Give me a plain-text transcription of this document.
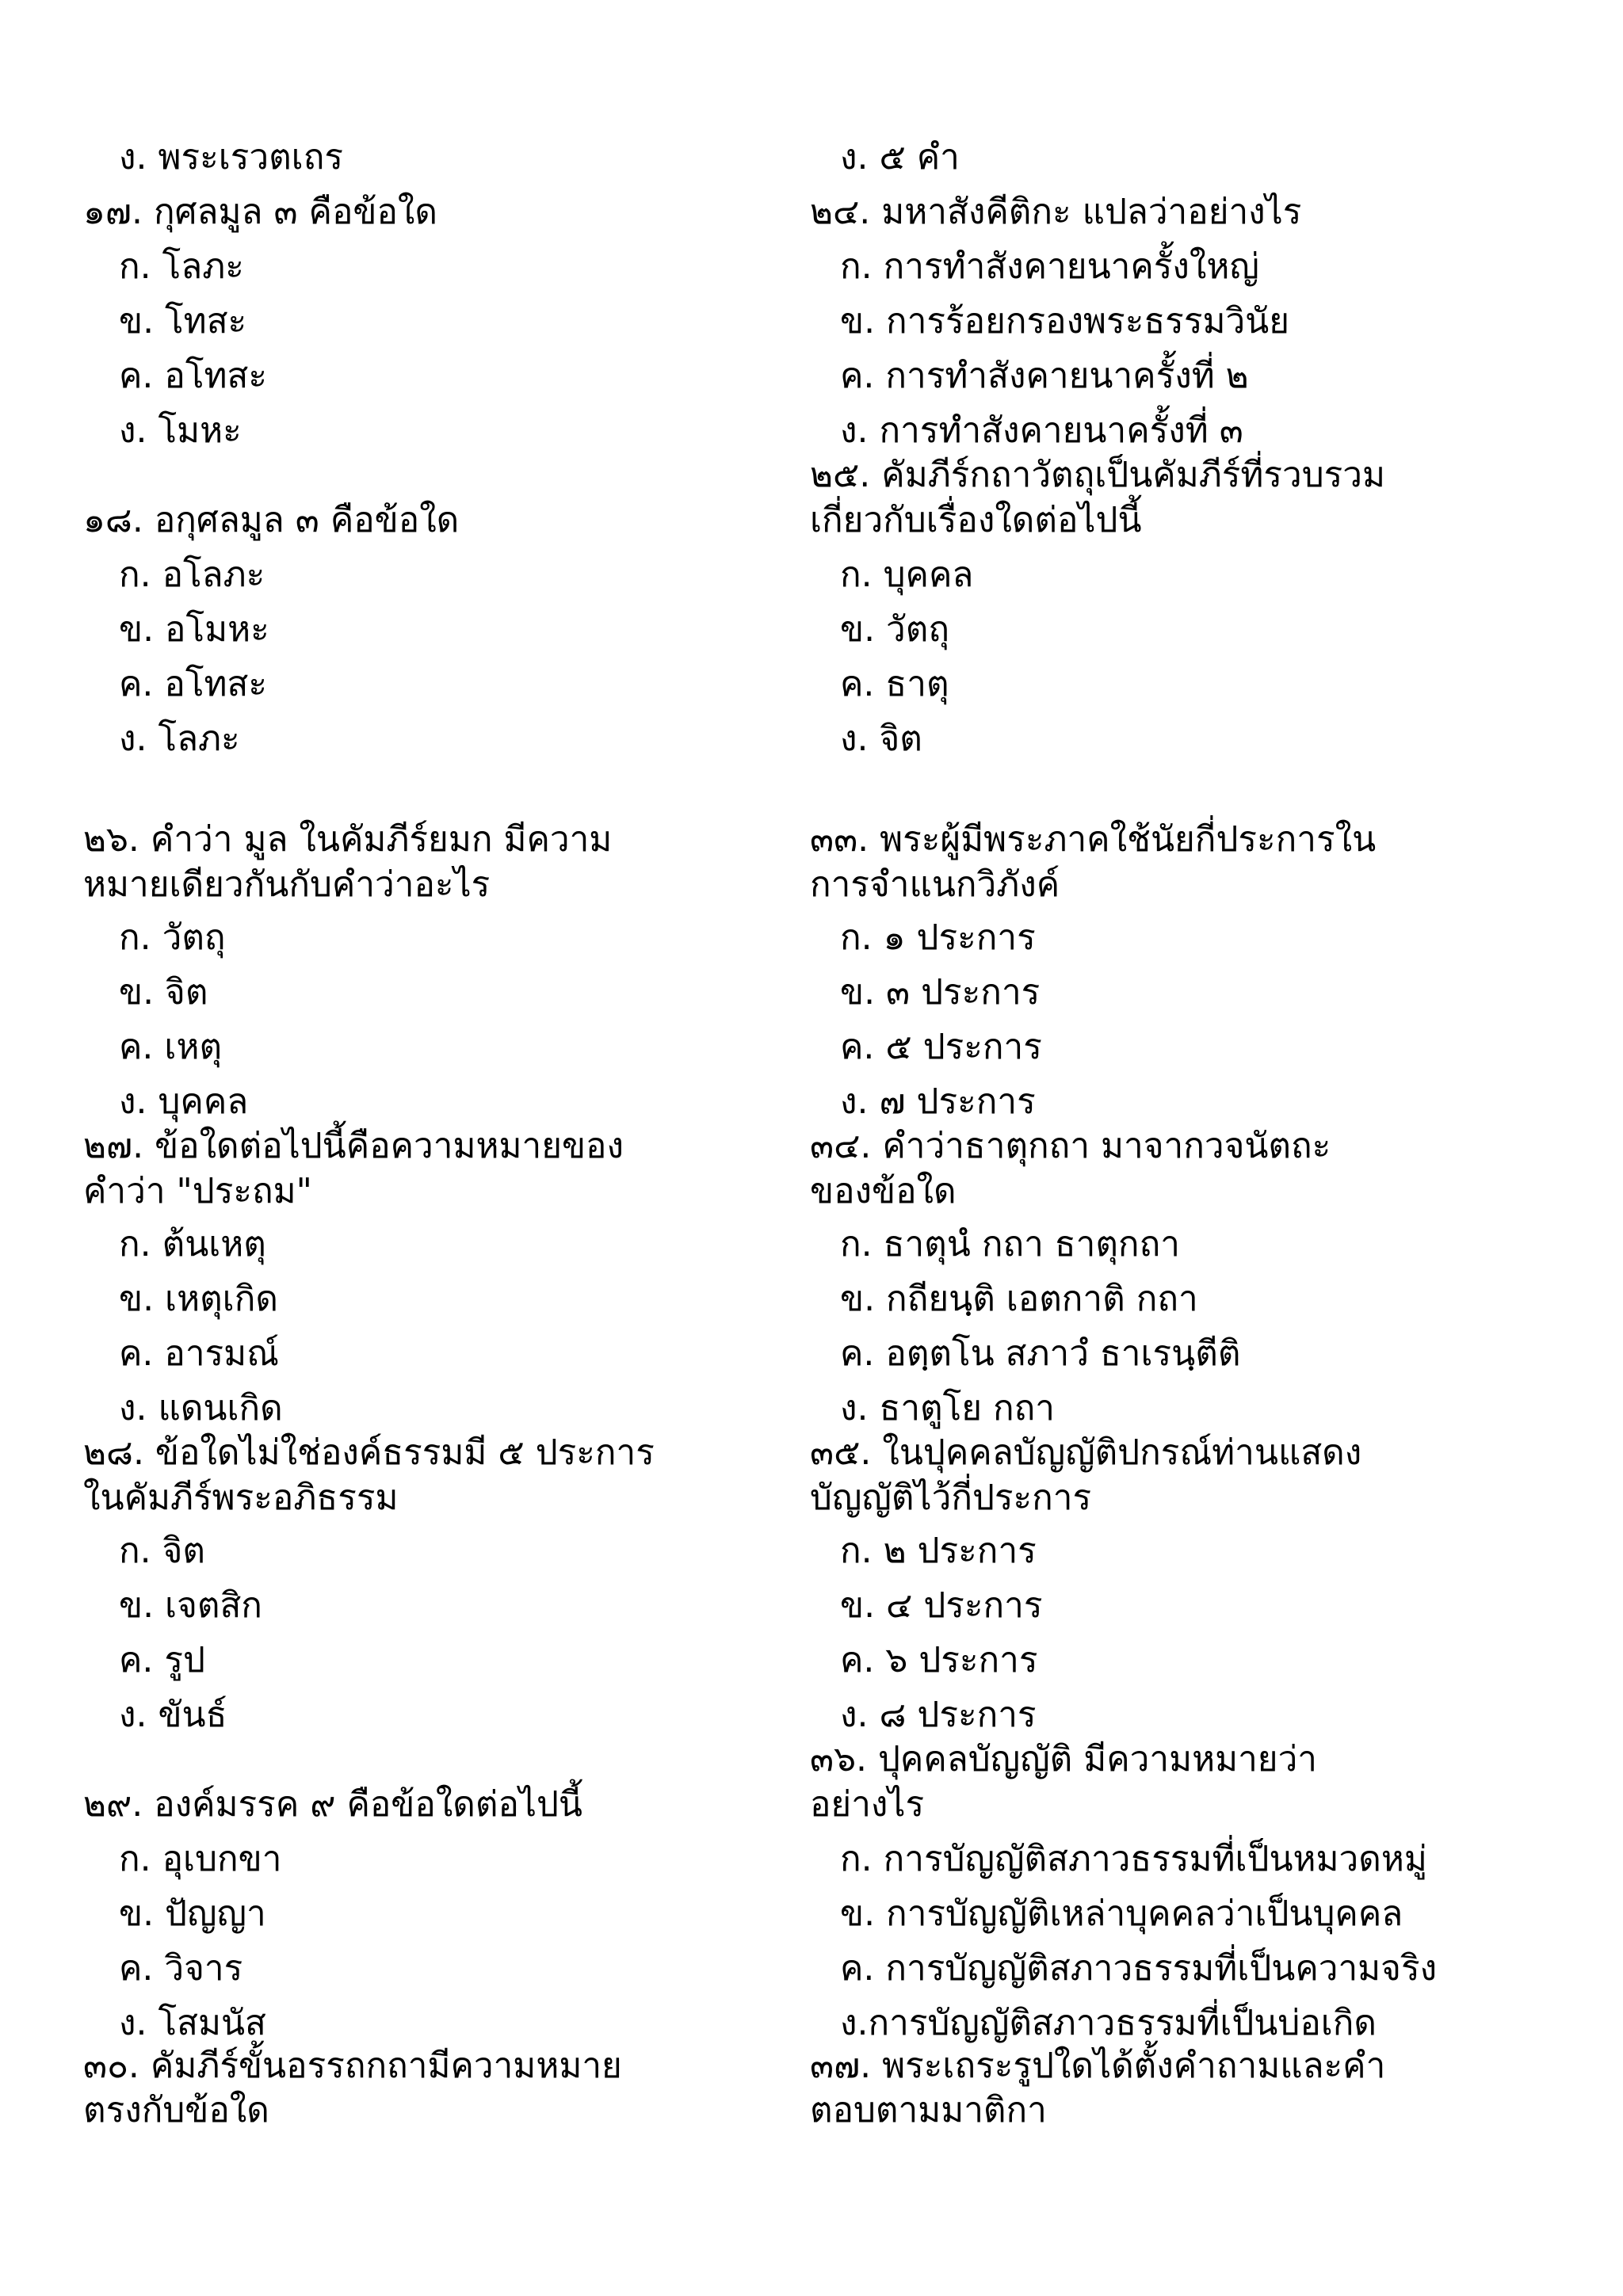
ง. พระเรวตเถร
๑๗. กุศลมูล ๓ คือข้อใด
ก. โลภะ
ข. โทสะ
ค. อโทสะ
ง. โมหะ
๑๘. อกุศลมูล ๓ คือข้อใด
ก. อโลภะ
ข. อโมหะ
ค. อโทสะ
ง. โลภะ
๒๖. คำว่า มูล ในคัมภีร์ยมก มีความ
หมายเดียวกันกับคำว่าอะไร
ก. วัตถุ
ข. จิต
ค. เหตุ
ง. บุคคล
๒๗. ข้อใดต่อไปนี้คือความหมายของ
คำว่า "ประถม"
ก. ต้นเหตุ
ข. เหตุเกิด
ค. อารมณ์
ง. แดนเกิด
๒๘. ข้อใดไม่ใช่องค์ธรรมมี ๕ ประการ
ในคัมภีร์พระอภิธรรม
ก. จิต
ข. เจตสิก
ค. รูป
ง. ขันธ์
๒๙. องค์มรรค ๙ คือข้อใดต่อไปนี้
ก. อุเบกขา
ข. ปัญญา
ค. วิจาร
ง. โสมนัส
๓๐. คัมภีร์ขั้นอรรถกถามีความหมาย
ตรงกับข้อใด
ง. ๕ คำ
๒๔. มหาสังคีติกะ แปลว่าอย่างไร
ก. การทำสังคายนาครั้งใหญ่
ข. การร้อยกรองพระธรรมวินัย
ค. การทำสังคายนาครั้งที่ ๒
ง. การทำสังคายนาครั้งที่ ๓
๒๕. คัมภีร์กถาวัตถุเป็นคัมภีร์ที่รวบรวม
เกี่ยวกับเรื่องใดต่อไปนี้
ก. บุคคล
ข. วัตถุ
ค. ธาตุ
ง. จิต
๓๓. พระผู้มีพระภาคใช้นัยกี่ประการใน
การจำแนกวิภังค์
ก. ๑ ประการ
ข. ๓ ประการ
ค. ๕ ประการ
ง. ๗ ประการ
๓๔. คำว่าธาตุกถา มาจากวจนัตถะ
ของข้อใด
ก. ธาตุนํ กถา ธาตุกถา
ข. กถียนฺติ เอตกาติ กถา
ค. อตฺตโน สภาวํ ธาเรนฺตีติ
ง. ธาตูโย กถา
๓๕. ในปุคคลบัญญัติปกรณ์ท่านแสดง
บัญญัติไว้กี่ประการ
ก. ๒ ประการ
ข. ๔ ประการ
ค. ๖ ประการ
ง. ๘ ประการ
๓๖. ปุคคลบัญญัติ มีความหมายว่า
อย่างไร
ก. การบัญญัติสภาวธรรมที่เป็นหมวดหมู่
ข. การบัญญัติเหล่าบุคคลว่าเป็นบุคคล
ค. การบัญญัติสภาวธรรมที่เป็นความจริง
ง.การบัญญัติสภาวธรรมที่เป็นบ่อเกิด
๓๗. พระเถระรูปใดได้ตั้งคำถามและคำ
ตอบตามมาติกา
